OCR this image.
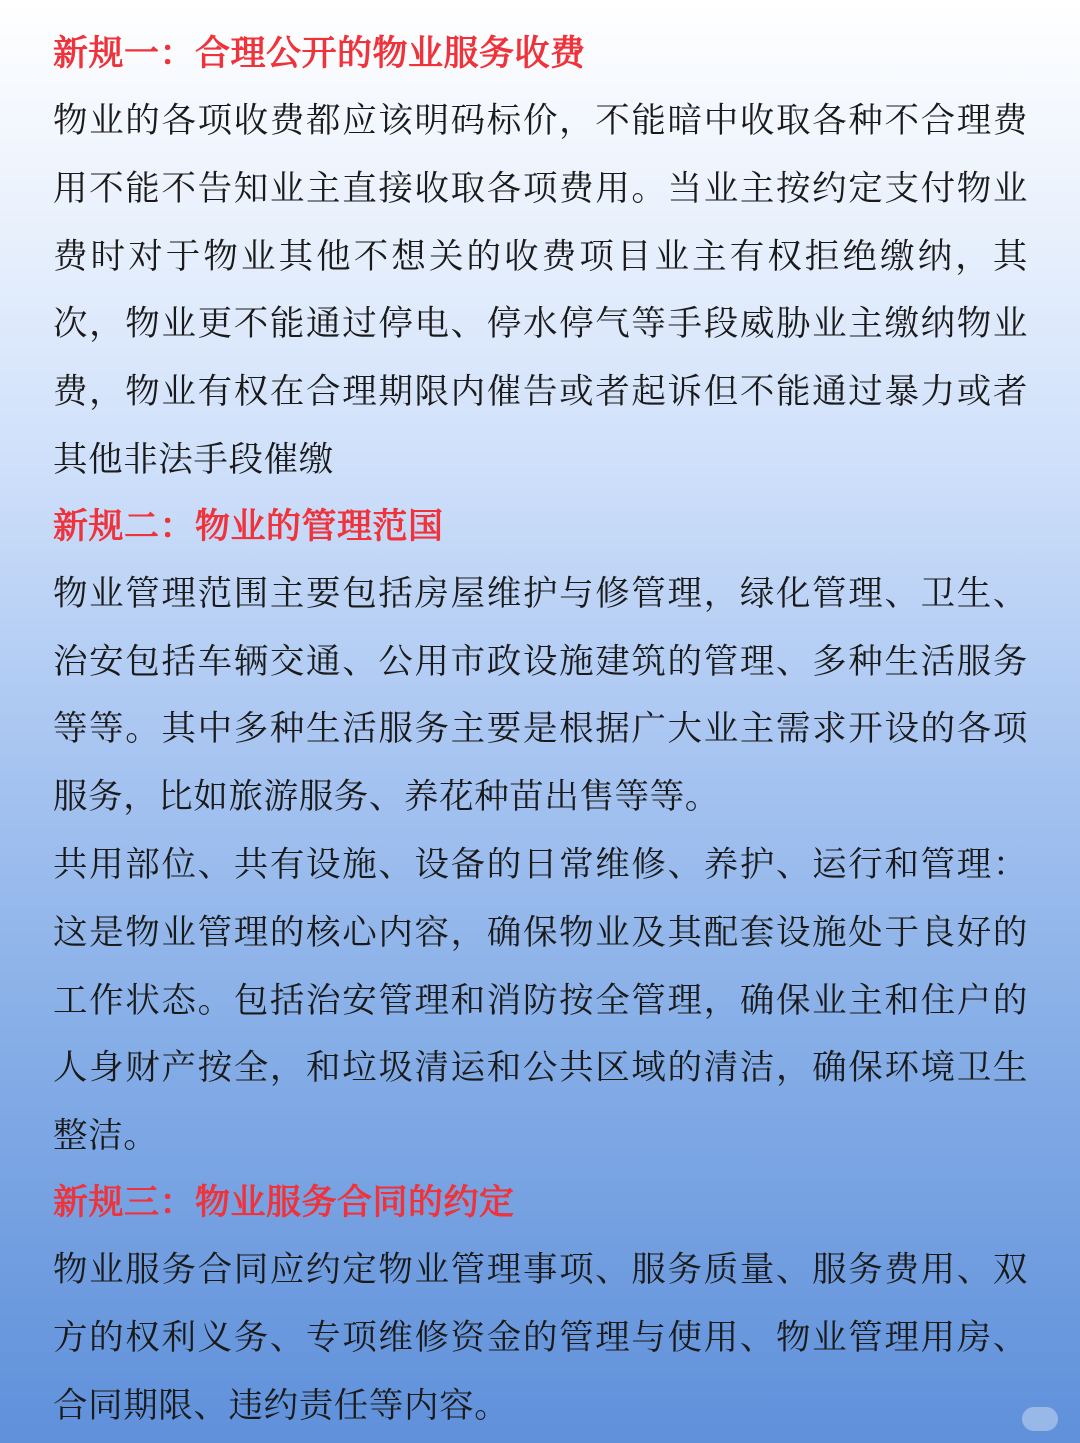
新规一：合理公开的物业服务收费
物业的各项收费都应该明码标价，不能暗中收取各种不合理费用不能不告知业主直接收取各项费用。当业主按约定支付物业费时对于物业其他不想关的收费项目业主有权拒绝缴纳，其次，物业更不能通过停电、停水停气等手段威胁业主缴纳物业费，物业有权在合理期限内催告或者起诉但不能通过暴力或者其他非法手段催缴
新规二：物业的管理范国
物业管理范围主要包括房屋维护与修管理，绿化管理、卫生、治安包括车辆交通、公用市政设施建筑的管理、多种生活服务等等。其中多种生活服务主要是根据广大业主需求开设的各项服务，比如旅游服务、养花种苗出售等等。
共用部位、共有设施、设备的日常维修、养护、运行和管理：这是物业管理的核心内容，确保物业及其配套设施处于良好的工作状态。包括治安管理和消防按全管理，确保业主和住户的人身财产按全，和垃圾清运和公共区域的清洁，确保环境卫生整洁。
新规三：物业服务合同的约定
物业服务合同应约定物业管理事项、服务质量、服务费用、双方的权利义务、专项维修资金的管理与使用、物业管理用房、合同期限、违约责任等内容。
